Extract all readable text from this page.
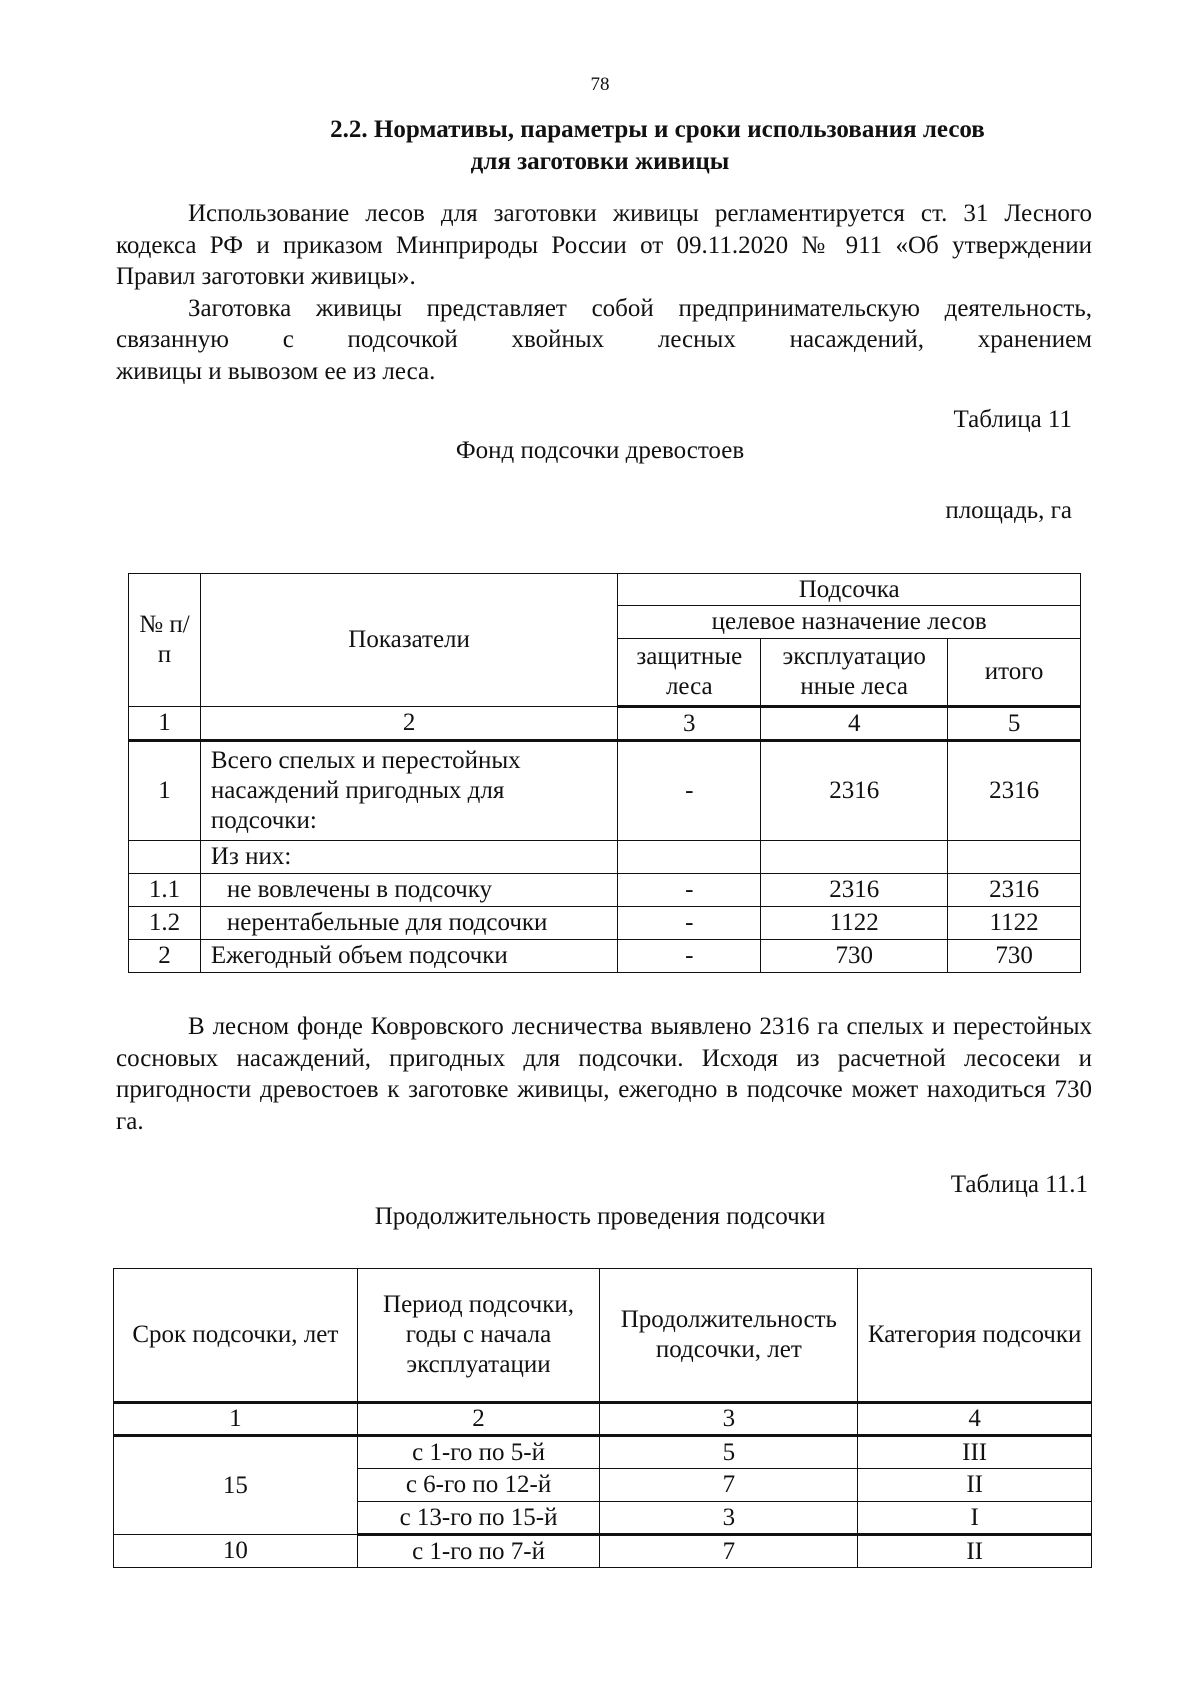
78
2.2. Нормативы, параметры и сроки использования лесов
для заготовки живицы

Использование лесов для заготовки живицы регламентируется ст. 31 Лесного кодекса РФ и приказом Минприроды России от 09.11.2020 № 911 «Об утверждении Правил заготовки живицы».

Заготовка живицы представляет собой предпринимательскую деятельность, связанную с подсочкой хвойных лесных насаждений, хранением

живицы и вывозом ее из леса.
Таблица 11
Фонд подсочки древостоев
площадь, га
№ п/п	Показатели	Подсочка		
		целевое назначение лесов		
		защитные леса	эксплуатацио нные леса	итого
1	2	3	4	5
1	Всего спелых и перестойных насаждений пригодных для подсочки:	-	2316	2316
	Из них:			
1.1	не вовлечены в подсочку	-	2316	2316
1.2	нерентабельные для подсочки	-	1122	1122
2	Ежегодный объем подсочки	-	730	730

В лесном фонде Ковровского лесничества выявлено 2316 га спелых и перестойных сосновых насаждений, пригодных для подсочки. Исходя из расчетной лесосеки и пригодности древостоев к заготовке живицы, ежегодно в подсочке может находиться 730 га.

Таблица 11.1
Продолжительность проведения подсочки
Срок подсочки, лет	Период подсочки, годы с начала эксплуатации	Продолжительность подсочки, лет	Категория подсочки
1	2	3	4
15	с 1-го по 5-й	5	III
	с 6-го по 12-й	7	II
	с 13-го по 15-й	3	I
10	с 1-го по 7-й	7	II
